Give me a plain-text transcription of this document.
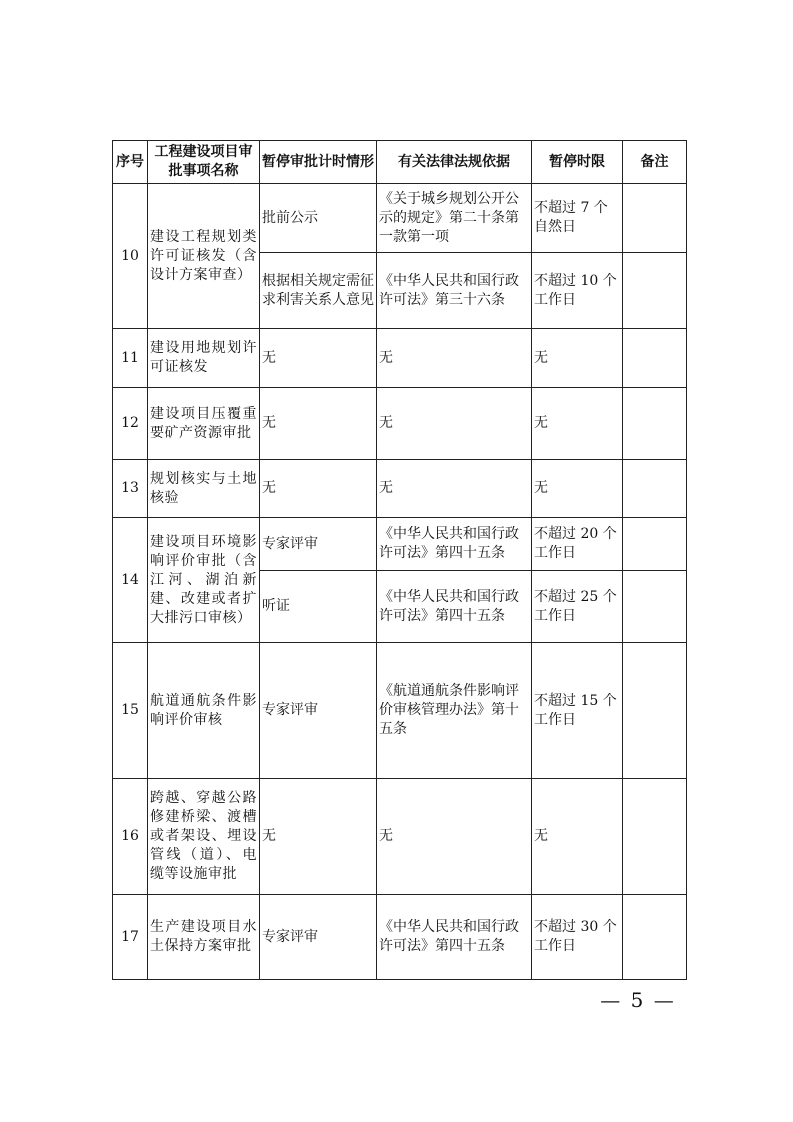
序号	工程建设项目审批事项名称	暂停审批计时情形	有关法律法规依据	暂停时限	备注
10	建设工程规划类许可证核发（含设计方案审查）	批前公示	《关于城乡规划公开公示的规定》第二十条第一款第一项	不超过 7 个自然日	
		根据相关规定需征求利害关系人意见	《中华人民共和国行政许可法》第三十六条	不超过 10 个工作日	
11	建设用地规划许可证核发	无	无	无	
12	建设项目压覆重要矿产资源审批	无	无	无	
13	规划核实与土地核验	无	无	无	
14	建设项目环境影响评价审批（含江河、湖泊新建、改建或者扩大排污口审核）	专家评审	《中华人民共和国行政许可法》第四十五条	不超过 20 个工作日	
		听证	《中华人民共和国行政许可法》第四十五条	不超过 25 个工作日	
15	航道通航条件影响评价审核	专家评审	《航道通航条件影响评价审核管理办法》第十五条	不超过 15 个工作日	
16	跨越、穿越公路修建桥梁、渡槽或者架设、埋设管线（道）、电缆等设施审批	无	无	无	
17	生产建设项目水土保持方案审批	专家评审	《中华人民共和国行政许可法》第四十五条	不超过 30 个工作日	
— 5 —
